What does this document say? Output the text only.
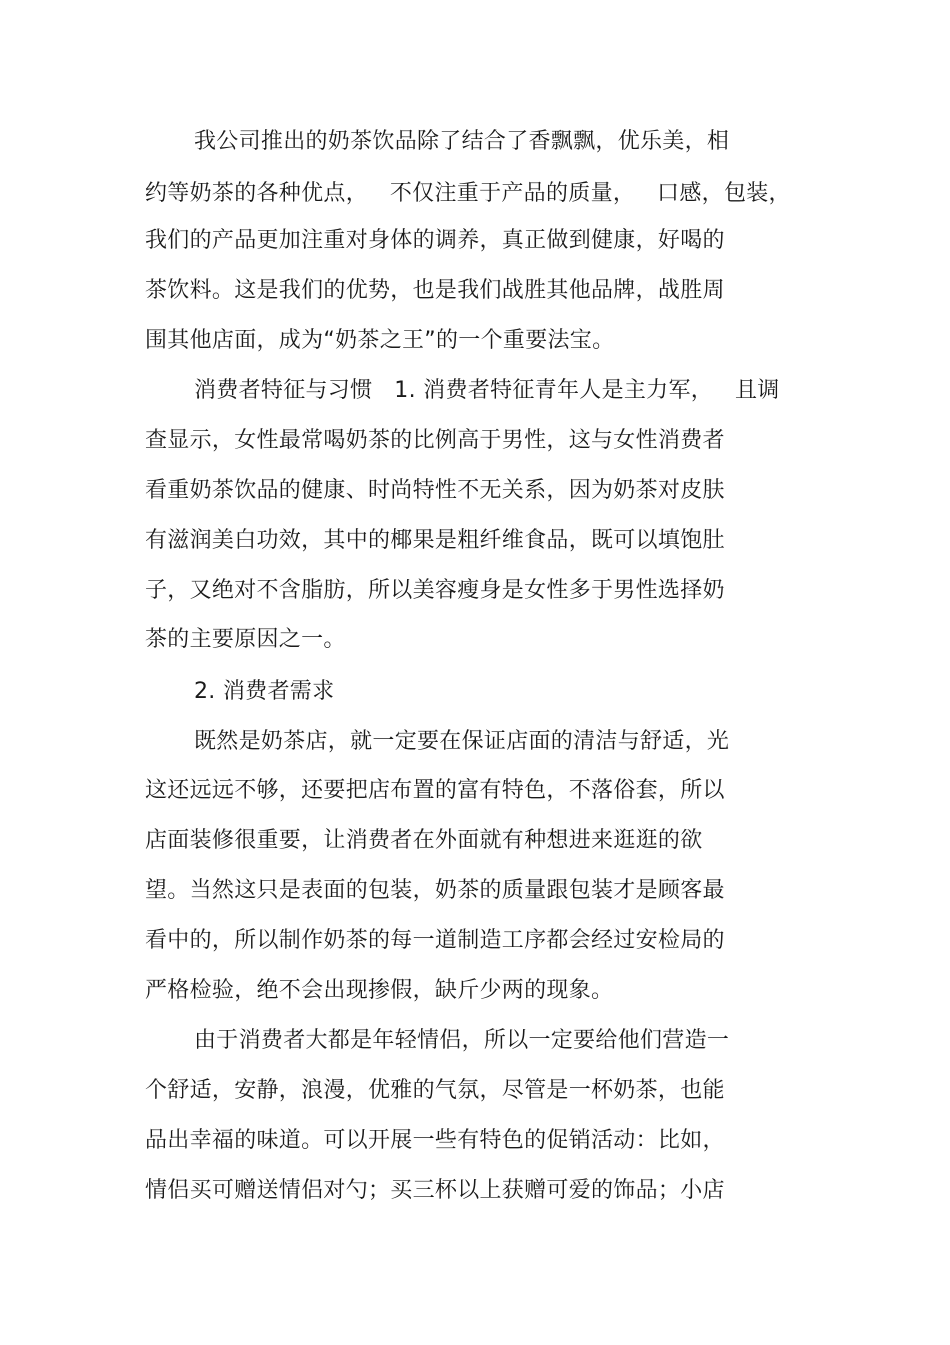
我公司推出的奶茶饮品除了结合了香飘飘，优乐美，相
约等奶茶的各种优点，   不仅注重于产品的质量，   口感，包装，
我们的产品更加注重对身体的调养，真正做到健康，好喝的
茶饮料。这是我们的优势，也是我们战胜其他品牌，战胜周
围其他店面，成为“奶茶之王”的一个重要法宝。
消费者特征与习惯   1. 消费者特征青年人是主力军，   且调
查显示，女性最常喝奶茶的比例高于男性，这与女性消费者
看重奶茶饮品的健康、时尚特性不无关系，因为奶茶对皮肤
有滋润美白功效，其中的椰果是粗纤维食品，既可以填饱肚
子，又绝对不含脂肪，所以美容瘦身是女性多于男性选择奶
茶的主要原因之一。
2. 消费者需求
既然是奶茶店，就一定要在保证店面的清洁与舒适，光
这还远远不够，还要把店布置的富有特色，不落俗套，所以
店面装修很重要，让消费者在外面就有种想进来逛逛的欲
望。当然这只是表面的包装，奶茶的质量跟包装才是顾客最
看中的，所以制作奶茶的每一道制造工序都会经过安检局的
严格检验，绝不会出现掺假，缺斤少两的现象。
由于消费者大都是年轻情侣，所以一定要给他们营造一
个舒适，安静，浪漫，优雅的气氛，尽管是一杯奶茶，也能
品出幸福的味道。可以开展一些有特色的促销活动：比如，
情侣买可赠送情侣对勺；买三杯以上获赠可爱的饰品；小店
